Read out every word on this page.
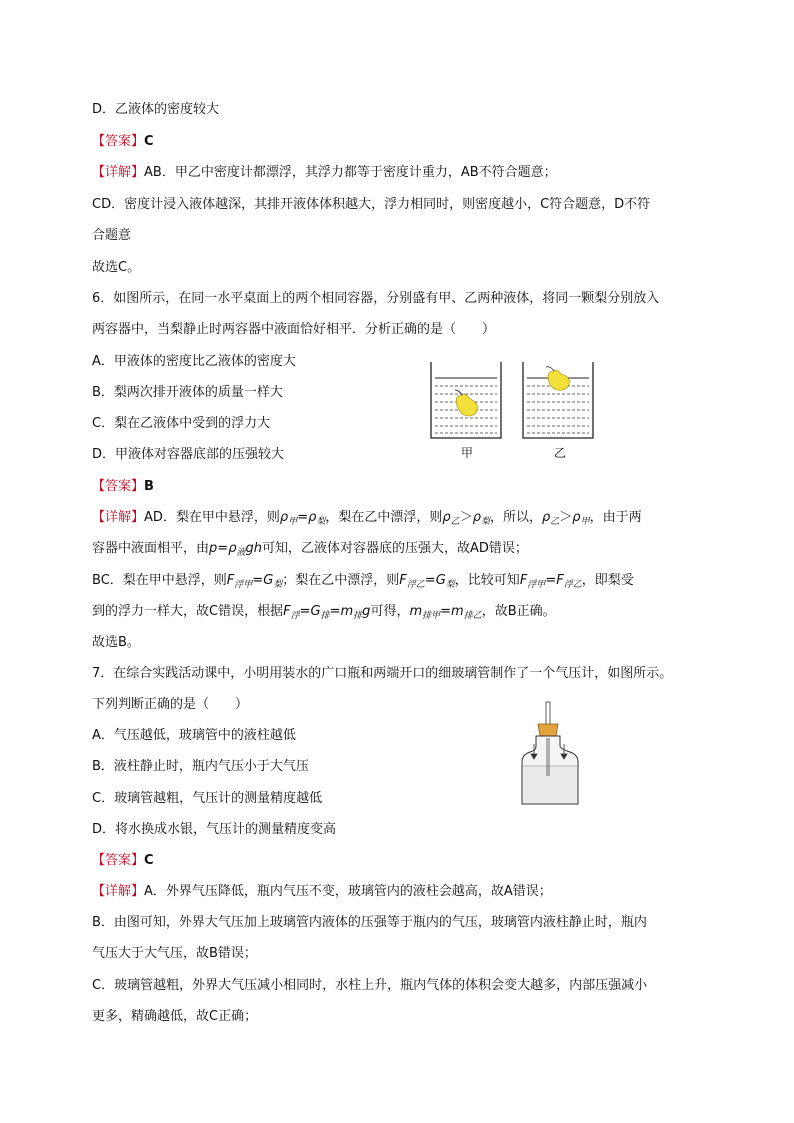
D．乙液体的密度较大
【答案】C
【详解】AB．甲乙中密度计都漂浮，其浮力都等于密度计重力，AB不符合题意；
CD．密度计浸入液体越深，其排开液体体积越大，浮力相同时，则密度越小，C符合题意，D不符
合题意
故选C。
6．如图所示，在同一水平桌面上的两个相同容器，分别盛有甲、乙两种液体，将同一颗梨分别放入
两容器中，当梨静止时两容器中液面恰好相平．分析正确的是（　　）
A．甲液体的密度比乙液体的密度大
B．梨两次排开液体的质量一样大
C．梨在乙液体中受到的浮力大
D．甲液体对容器底部的压强较大	甲	乙
【答案】B
【详解】AD．梨在甲中悬浮，则$\rho_甲=\rho_梨$，梨在乙中漂浮，则$\rho_乙>\rho_梨$，所以，$\rho_乙>\rho_甲$，由于两
容器中液面相平，由$p=\rho_液gh$可知，乙液体对容器底的压强大，故AD错误；
BC．梨在甲中悬浮，则$F_{浮甲}=G_梨$；梨在乙中漂浮，则$F_{浮乙}=G_梨$，比较可知$F_{浮甲}=F_{浮乙}$，即梨受
到的浮力一样大，故C错误，根据$F_浮=G_排=m_排g$可得，$m_{排甲}=m_{排乙}$，故B正确。
故选B。
7．在综合实践活动课中，小明用装水的广口瓶和两端开口的细玻璃管制作了一个气压计，如图所示。
下列判断正确的是（　　）
A．气压越低，玻璃管中的液柱越低
B．液柱静止时，瓶内气压小于大气压
C．玻璃管越粗，气压计的测量精度越低
D．将水换成水银，气压计的测量精度变高
【答案】C
【详解】A．外界气压降低，瓶内气压不变，玻璃管内的液柱会越高，故A错误；
B．由图可知，外界大气压加上玻璃管内液体的压强等于瓶内的气压，玻璃管内液柱静止时，瓶内
气压大于大气压，故B错误；
C．玻璃管越粗，外界大气压减小相同时，水柱上升，瓶内气体的体积会变大越多，内部压强减小
更多，精确越低，故C正确；
